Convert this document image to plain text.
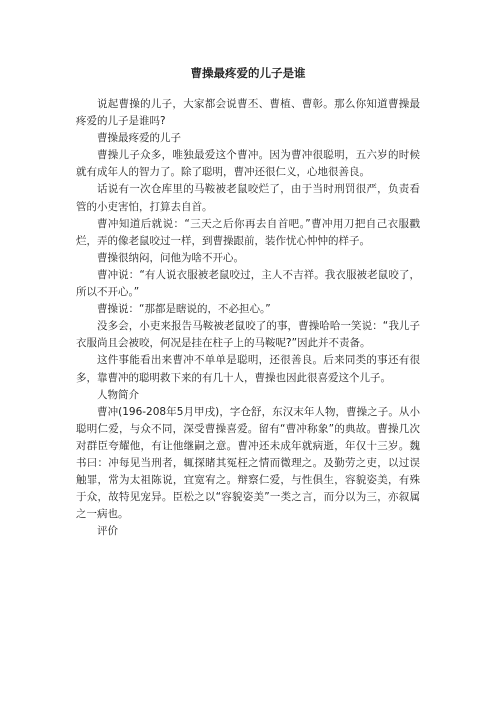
曹操最疼爱的儿子是谁

说起曹操的儿子，大家都会说曹丕、曹植、曹彰。那么你知道曹操最疼爱的儿子是谁吗?

曹操最疼爱的儿子

曹操儿子众多，唯独最爱这个曹冲。因为曹冲很聪明，五六岁的时候就有成年人的智力了。除了聪明，曹冲还很仁义，心地很善良。

话说有一次仓库里的马鞍被老鼠咬烂了，由于当时刑罚很严，负责看管的小吏害怕，打算去自首。

曹冲知道后就说：“三天之后你再去自首吧。”曹冲用刀把自己衣服戳烂，弄的像老鼠咬过一样，到曹操跟前，装作忧心忡忡的样子。

曹操很纳闷，问他为啥不开心。

曹冲说：“有人说衣服被老鼠咬过，主人不吉祥。我衣服被老鼠咬了，所以不开心。”

曹操说：“那都是瞎说的，不必担心。”

没多会，小吏来报告马鞍被老鼠咬了的事，曹操哈哈一笑说：“我儿子衣服尚且会被咬，何况是挂在柱子上的马鞍呢?”因此并不责备。

这件事能看出来曹冲不单单是聪明，还很善良。后来同类的事还有很多，靠曹冲的聪明救下来的有几十人，曹操也因此很喜爱这个儿子。

人物简介

曹冲(196-208年5月甲戌)，字仓舒，东汉末年人物，曹操之子。从小聪明仁爱，与众不同，深受曹操喜爱。留有“曹冲称象”的典故。曹操几次对群臣夸耀他，有让他继嗣之意。曹冲还未成年就病逝，年仅十三岁。魏书曰：冲每见当刑者，辄探睹其冤枉之情而微理之。及勤劳之吏，以过误触罪，常为太祖陈说，宜宽宥之。辩察仁爱，与性俱生，容貌姿美，有殊于众，故特见宠异。臣松之以“容貌姿美”一类之言，而分以为三，亦叙属之一病也。

评价
